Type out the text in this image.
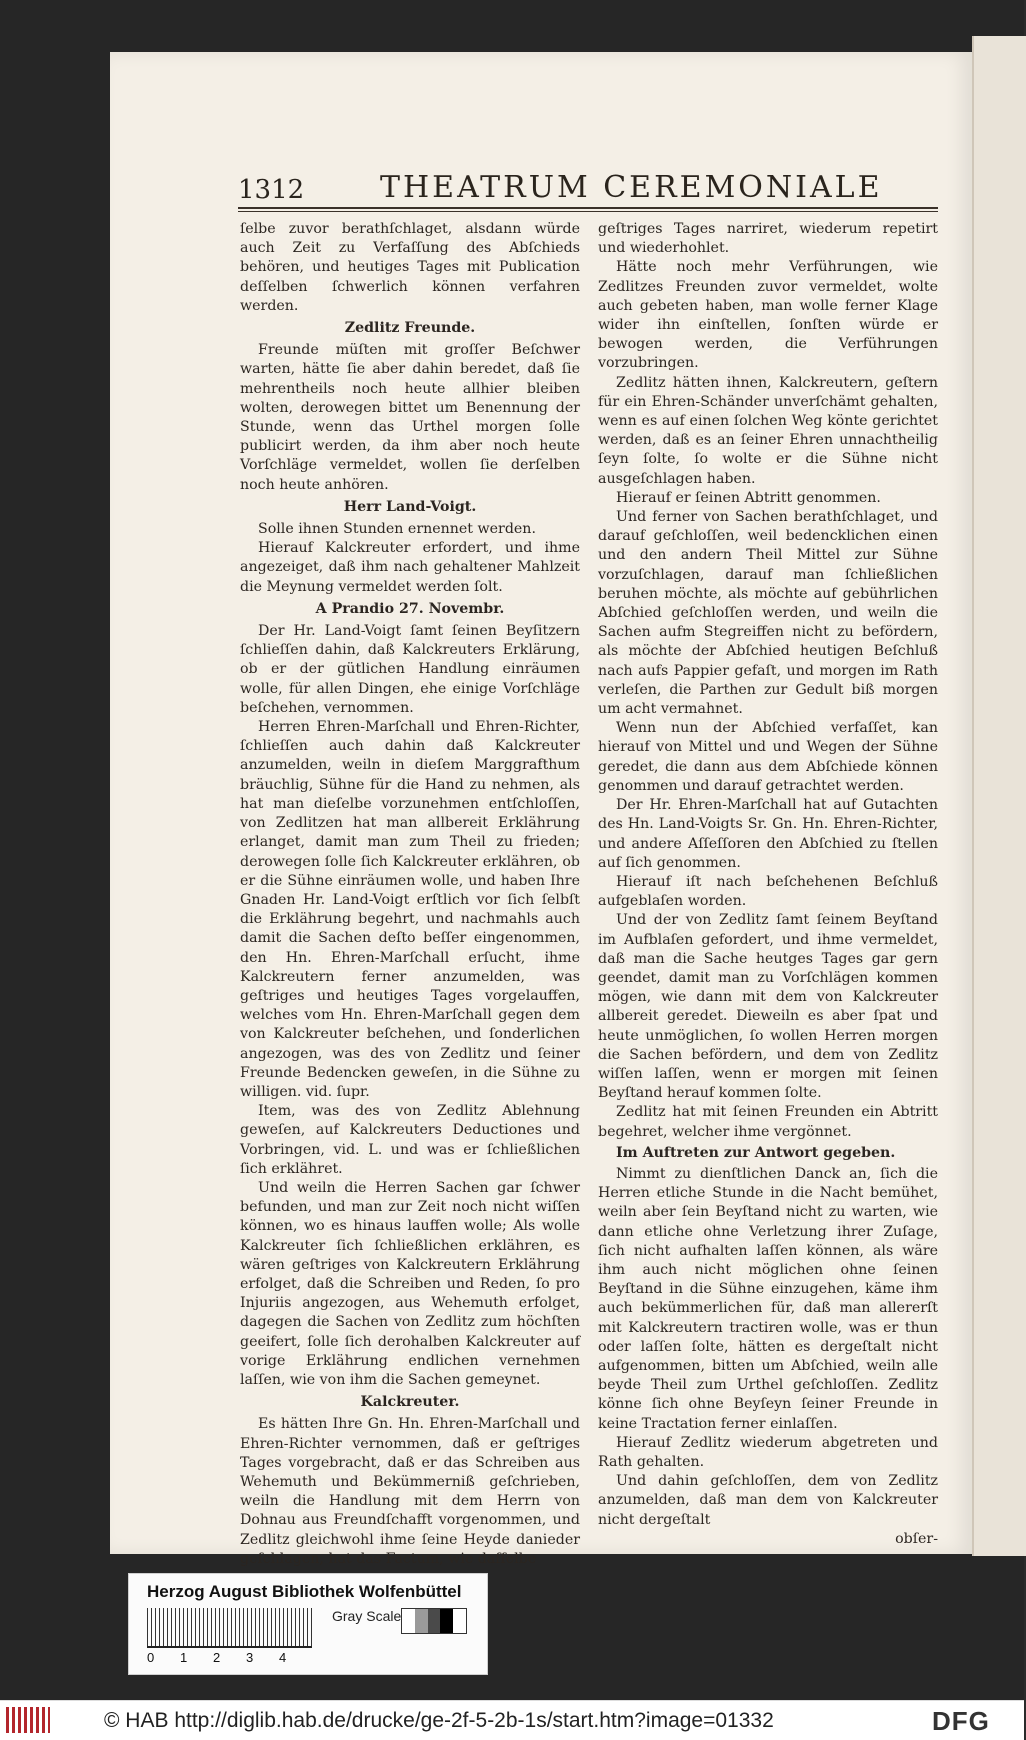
1312	THEATRUM CEREMONIALE

ſelbe zuvor berathſchlaget, alsdann würde auch Zeit zu Verfaſſung des Abſchieds behören, und heutiges Tages mit Publication deſſelben ſchwerlich können verfahren werden.

Zedlitz Freunde.

Freunde müſten mit groſſer Beſchwer warten, hätte ſie aber dahin beredet, daß ſie mehrentheils noch heute allhier bleiben wolten, derowegen bittet um Benennung der Stunde, wenn das Urthel morgen ſolle publicirt werden, da ihm aber noch heute Vorſchläge vermeldet, wollen ſie derſelben noch heute anhören.

Herr Land-Voigt.

Solle ihnen Stunden ernennet werden.

Hierauf Kalckreuter erfordert, und ihme angezeiget, daß ihm nach gehaltener Mahlzeit die Meynung vermeldet werden ſolt.

A Prandio 27. Novembr.

Der Hr. Land-Voigt ſamt ſeinen Beyſitzern ſchlieſſen dahin, daß Kalckreuters Erklärung, ob er der gütlichen Handlung einräumen wolle, für allen Dingen, ehe einige Vorſchläge beſchehen, vernommen.

Herren Ehren-Marſchall und Ehren-Richter, ſchlieſſen auch dahin daß Kalckreuter anzumelden, weiln in dieſem Marggrafthum bräuchlig, Sühne für die Hand zu nehmen, als hat man dieſelbe vorzunehmen entſchloſſen, von Zedlitzen hat man allbereit Erklährung erlanget, damit man zum Theil zu frieden; derowegen ſolle ſich Kalckreuter erklähren, ob er die Sühne einräumen wolle, und haben Ihre Gnaden Hr. Land-Voigt erſtlich vor ſich ſelbſt die Erklährung begehrt, und nachmahls auch damit die Sachen deſto beſſer eingenommen, den Hn. Ehren-Marſchall erſucht, ihme Kalckreutern ferner anzumelden, was geſtriges und heutiges Tages vorgelauffen, welches vom Hn. Ehren-Marſchall gegen dem von Kalckreuter beſchehen, und ſonderlichen angezogen, was des von Zedlitz und ſeiner Freunde Bedencken geweſen, in die Sühne zu willigen. vid. ſupr.

Item, was des von Zedlitz Ablehnung geweſen, auf Kalckreuters Deductiones und Vorbringen, vid. L. und was er ſchließlichen ſich erklähret.

Und weiln die Herren Sachen gar ſchwer befunden, und man zur Zeit noch nicht wiſſen können, wo es hinaus lauffen wolle; Als wolle Kalckreuter ſich ſchließlichen erklähren, es wären geſtriges von Kalckreutern Erklährung erfolget, daß die Schreiben und Reden, ſo pro Injuriis angezogen, aus Wehemuth erfolget, dagegen die Sachen von Zedlitz zum höchſten geeifert, ſolle ſich derohalben Kalckreuter auf vorige Erklährung endlichen vernehmen laſſen, wie von ihm die Sachen gemeynet.

Kalckreuter.

Es hätten Ihre Gn. Hn. Ehren-Marſchall und Ehren-Richter vernommen, daß er geſtriges Tages vorgebracht, daß er das Schreiben aus Wehemuth und Bekümmerniß geſchrieben, weiln die Handlung mit dem Herrn von Dohnau aus Freundſchafft vorgenommen, und Zedlitz gleichwohl ihme ſeine Heyde danieder geſchlagen, hat das Factum, wie daſſelbe

geſtriges Tages narriret, wiederum repetirt und wiederhohlet.

Hätte noch mehr Verführungen, wie Zedlitzes Freunden zuvor vermeldet, wolte auch gebeten haben, man wolle ferner Klage wider ihn einſtellen, ſonſten würde er bewogen werden, die Verführungen vorzubringen.

Zedlitz hätten ihnen, Kalckreutern, geſtern für ein Ehren-Schänder unverſchämt gehalten, wenn es auf einen ſolchen Weg könte gerichtet werden, daß es an ſeiner Ehren unnachtheilig ſeyn ſolte, ſo wolte er die Sühne nicht ausgeſchlagen haben.

Hierauf er ſeinen Abtritt genommen.

Und ferner von Sachen berathſchlaget, und darauf geſchloſſen, weil bedencklichen einen und den andern Theil Mittel zur Sühne vorzuſchlagen, darauf man ſchließlichen beruhen möchte, als möchte auf gebührlichen Abſchied geſchloſſen werden, und weiln die Sachen aufm Stegreiffen nicht zu befördern, als möchte der Abſchied heutigen Beſchluß nach aufs Pappier gefaſt, und morgen im Rath verleſen, die Parthen zur Gedult biß morgen um acht vermahnet.

Wenn nun der Abſchied verfaſſet, kan hierauf von Mittel und und Wegen der Sühne geredet, die dann aus dem Abſchiede können genommen und darauf getrachtet werden.

Der Hr. Ehren-Marſchall hat auf Gutachten des Hn. Land-Voigts Sr. Gn. Hn. Ehren-Richter, und andere Aſſeſſoren den Abſchied zu ſtellen auf ſich genommen.

Hierauf iſt nach beſchehenen Beſchluß aufgeblaſen worden.

Und der von Zedlitz ſamt ſeinem Beyſtand im Aufblaſen gefordert, und ihme vermeldet, daß man die Sache heutges Tages gar gern geendet, damit man zu Vorſchlägen kommen mögen, wie dann mit dem von Kalckreuter allbereit geredet. Dieweiln es aber ſpat und heute unmöglichen, ſo wollen Herren morgen die Sachen befördern, und dem von Zedlitz wiſſen laſſen, wenn er morgen mit ſeinen Beyſtand herauf kommen ſolte.

Zedlitz hat mit ſeinen Freunden ein Abtritt begehret, welcher ihme vergönnet.

Im Auftreten zur Antwort gegeben.

Nimmt zu dienſtlichen Danck an, ſich die Herren etliche Stunde in die Nacht bemühet, weiln aber ſein Beyſtand nicht zu warten, wie dann etliche ohne Verletzung ihrer Zuſage, ſich nicht aufhalten laſſen können, als wäre ihm auch nicht möglichen ohne ſeinen Beyſtand in die Sühne einzugehen, käme ihm auch bekümmerlichen für, daß man allererſt mit Kalckreutern tractiren wolle, was er thun oder laſſen ſolte, hätten es dergeſtalt nicht aufgenommen, bitten um Abſchied, weiln alle beyde Theil zum Urthel geſchloſſen. Zedlitz könne ſich ohne Beyſeyn ſeiner Freunde in keine Tractation ferner einlaſſen.

Hierauf Zedlitz wiederum abgetreten und Rath gehalten.

Und dahin geſchloſſen, dem von Zedlitz anzumelden, daß man dem von Kalckreuter nicht dergeſtalt

obſer-

Herzog August Bibliothek Wolfenbüttel
0 1 2 3 4
Gray Scale
© HAB http://diglib.hab.de/drucke/ge-2f-5-2b-1s/start.htm?image=01332	DFG
